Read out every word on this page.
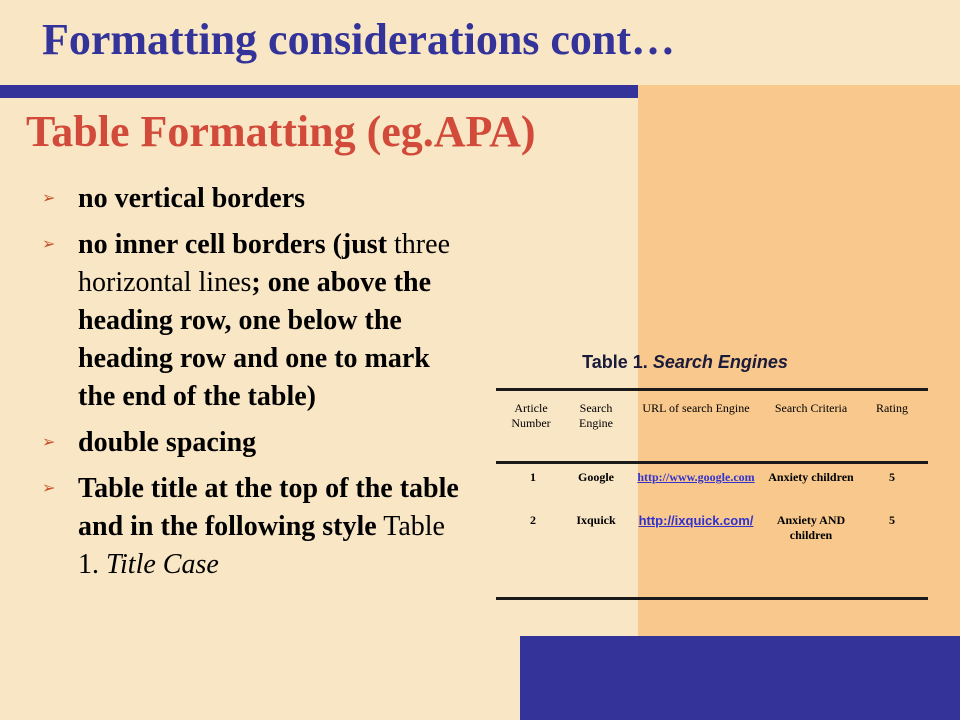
Formatting considerations cont…
Table Formatting (eg.APA)
➢ no vertical borders
➢ no inner cell borders (just three horizontal lines; one above the heading row, one below the heading row and one to mark the end of the table)
➢ double spacing
➢ Table title at the top of the table and in the following style Table 1. Title Case
Table 1. Search Engines
Article Number	Search Engine	URL of search Engine	Search Criteria	Rating
1	Google	http://www.google.com	Anxiety children	5
2	Ixquick	http://ixquick.com/	Anxiety AND children	5
